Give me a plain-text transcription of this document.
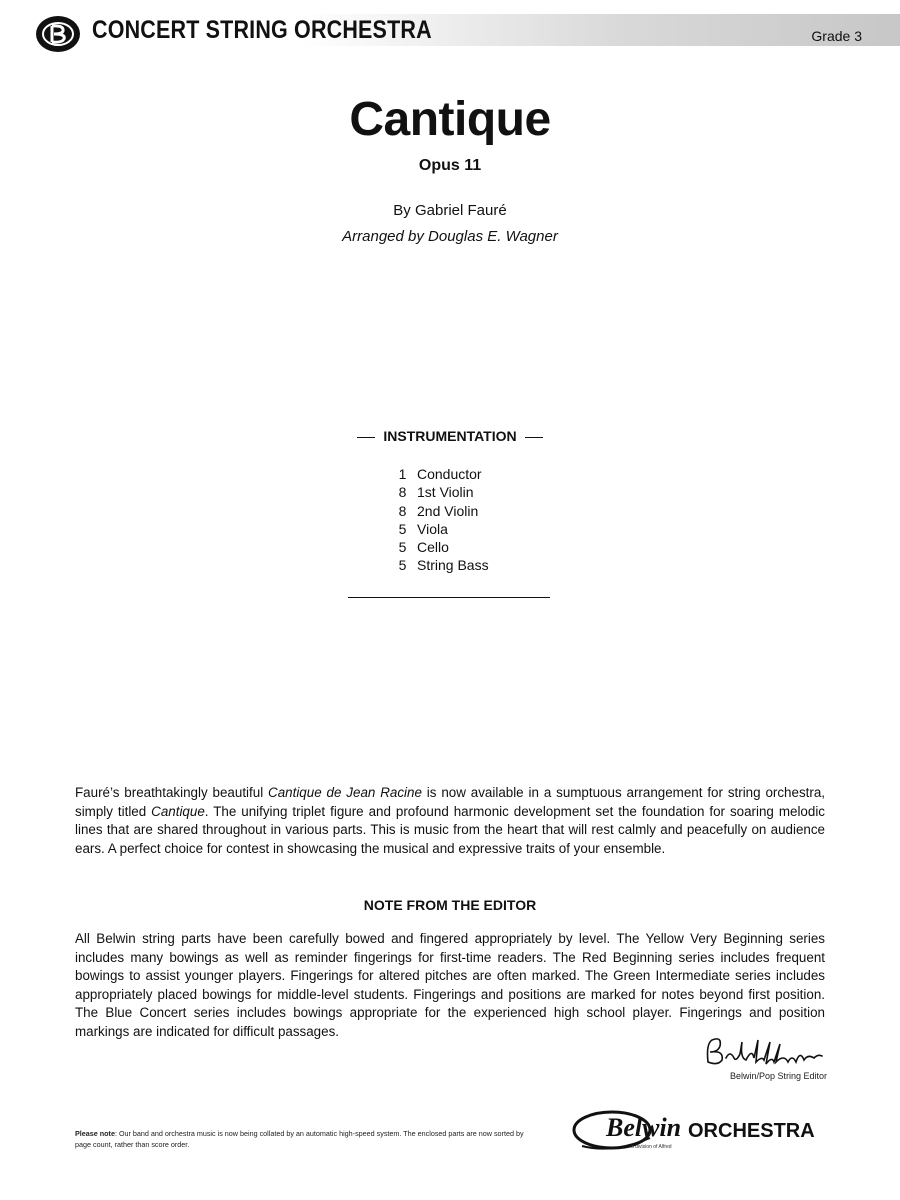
CONCERT STRING ORCHESTRA	Grade 3
Cantique
Opus 11
By Gabriel Fauré
Arranged by Douglas E. Wagner
INSTRUMENTATION
1 Conductor
8 1st Violin
8 2nd Violin
5 Viola
5 Cello
5 String Bass
Fauré’s breathtakingly beautiful Cantique de Jean Racine is now available in a sumptuous arrangement for string orchestra, simply titled Cantique. The unifying triplet figure and profound harmonic development set the foundation for soaring melodic lines that are shared throughout in various parts. This is music from the heart that will rest calmly and peacefully on audience ears. A perfect choice for contest in showcasing the musical and expressive traits of your ensemble.
NOTE FROM THE EDITOR
All Belwin string parts have been carefully bowed and fingered appropriately by level. The Yellow Very Beginning series includes many bowings as well as reminder fingerings for first-time readers. The Red Beginning series includes frequent bowings to assist younger players. Fingerings for altered pitches are often marked. The Green Intermediate series includes appropriately placed bowings for middle-level students. Fingerings and positions are marked for notes beyond first position. The Blue Concert series includes bowings appropriate for the experienced high school player. Fingerings and position markings are indicated for difficult passages.
Belwin/Pop String Editor
Please note: Our band and orchestra music is now being collated by an automatic high-speed system. The enclosed parts are now sorted by page count, rather than score order.
Belwin ORCHESTRA
a division of Alfred
